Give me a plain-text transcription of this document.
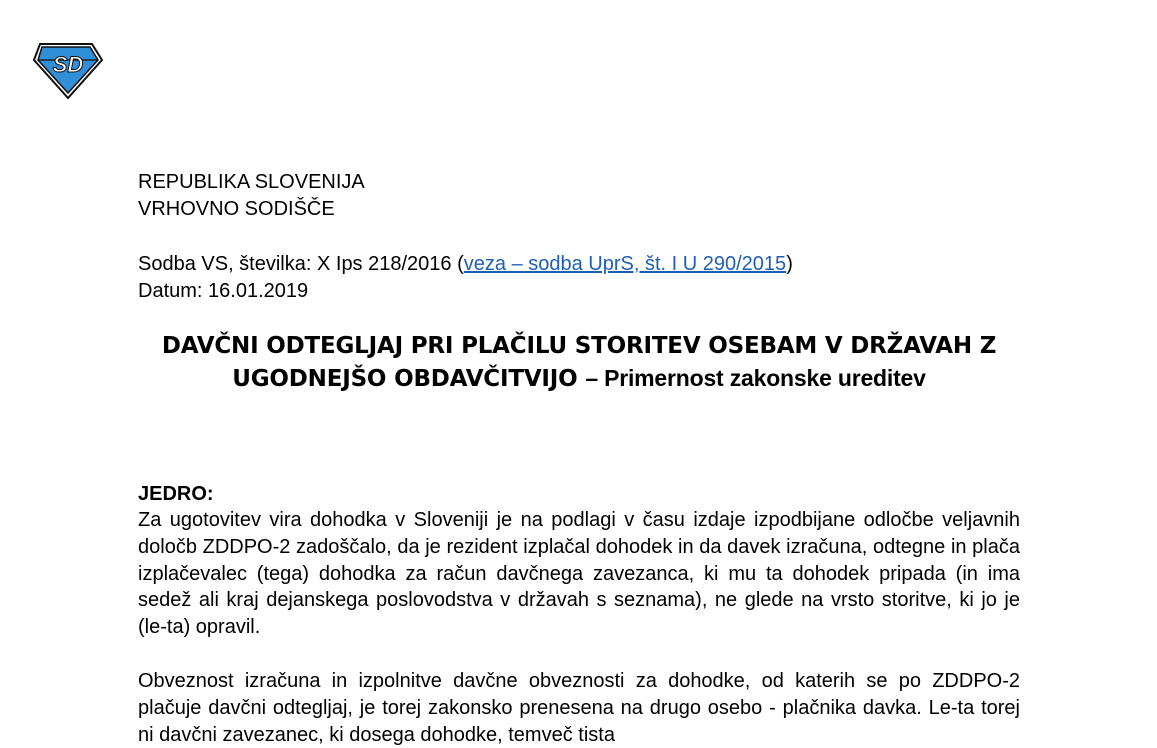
SD
REPUBLIKA SLOVENIJA
VRHOVNO SODIŠČE
Sodba VS, številka: X Ips 218/2016 (veza – sodba UprS, št. I U 290/2015)
Datum: 16.01.2019
DAVČNI ODTEGLJAJ PRI PLAČILU STORITEV OSEBAM V DRŽAVAH Z UGODNEJŠO OBDAVČITVIJO – Primernost zakonske ureditev
JEDRO:
Za ugotovitev vira dohodka v Sloveniji je na podlagi v času izdaje izpodbijane odločbe veljavnih določb ZDDPO-2 zadoščalo, da je rezident izplačal dohodek in da davek izračuna, odtegne in plača izplačevalec (tega) dohodka za račun davčnega zavezanca, ki mu ta dohodek pripada (in ima sedež ali kraj dejanskega poslovodstva v državah s seznama), ne glede na vrsto storitve, ki jo je (le-ta) opravil.
Obveznost izračuna in izpolnitve davčne obveznosti za dohodke, od katerih se po ZDDPO-2 plačuje davčni odtegljaj, je torej zakonsko prenesena na drugo osebo - plačnika davka. Le-ta torej ni davčni zavezanec, ki dosega dohodke, temveč tista
